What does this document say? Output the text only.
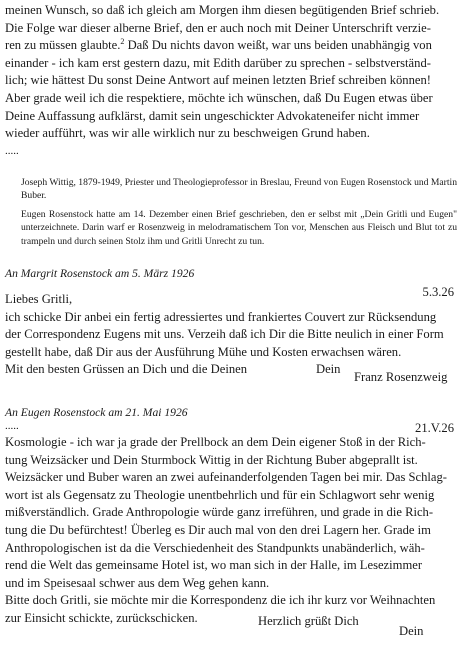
meinen Wunsch, so daß ich gleich am Morgen ihm diesen begütigenden Brief schrieb.
Die Folge war dieser alberne Brief, den er auch noch mit Deiner Unterschrift verzie-
ren zu müssen glaubte.$^2$ Daß Du nichts davon weißt, war uns beiden unabhängig von
einander - ich kam erst gestern dazu, mit Edith darüber zu sprechen - selbstverständ-
lich; wie hättest Du sonst Deine Antwort auf meinen letzten Brief schreiben können!
Aber grade weil ich die respektiere, möchte ich wünschen, daß Du Eugen etwas über
Deine Auffassung aufklärst, damit sein ungeschickter Advokateneifer nicht immer
wieder aufführt, was wir alle wirklich nur zu beschweigen Grund haben.
.....
Joseph Wittig, 1879-1949, Priester und Theologieprofessor in Breslau, Freund von Eugen Rosenstock und Martin Buber.
Eugen Rosenstock hatte am 14. Dezember einen Brief geschrieben, den er selbst mit „Dein Gritli und Eugen" unterzeichnete. Darin warf er Rosenzweig in melodramatischem Ton vor, Menschen aus Fleisch und Blut tot zu trampeln und durch seinen Stolz ihm und Gritli Unrecht zu tun.
An Margrit Rosenstock am 5. März 1926
5.3.26
Liebes Gritli,
ich schicke Dir anbei ein fertig adressiertes und frankiertes Couvert zur Rücksendung
der Correspondenz Eugens mit uns. Verzeih daß ich Dir die Bitte neulich in einer Form
gestellt habe, daß Dir aus der Ausführung Mühe und Kosten erwachsen wären.
Mit den besten Grüssen an Dich und die Deinen	Dein
Franz Rosenzweig
An Eugen Rosenstock am 21. Mai 1926
.....	21.V.26
Kosmologie - ich war ja grade der Prellbock an dem Dein eigener Stoß in der Rich-
tung Weizsäcker und Dein Sturmbock Wittig in der Richtung Buber abgeprallt ist.
Weizsäcker und Buber waren an zwei aufeinanderfolgenden Tagen bei mir. Das Schlag-
wort ist als Gegensatz zu Theologie unentbehrlich und für ein Schlagwort sehr wenig
mißverständlich. Grade Anthropologie würde ganz irreführen, und grade in die Rich-
tung die Du befürchtest! Überleg es Dir auch mal von den drei Lagern her. Grade im
Anthropologischen ist da die Verschiedenheit des Standpunkts unabänderlich, wäh-
rend die Welt das gemeinsame Hotel ist, wo man sich in der Halle, im Lesezimmer
und im Speisesaal schwer aus dem Weg gehen kann.
Bitte doch Gritli, sie möchte mir die Korrespondenz die ich ihr kurz vor Weihnachten
zur Einsicht schickte, zurückschicken.	Herzlich grüßt Dich
Dein
